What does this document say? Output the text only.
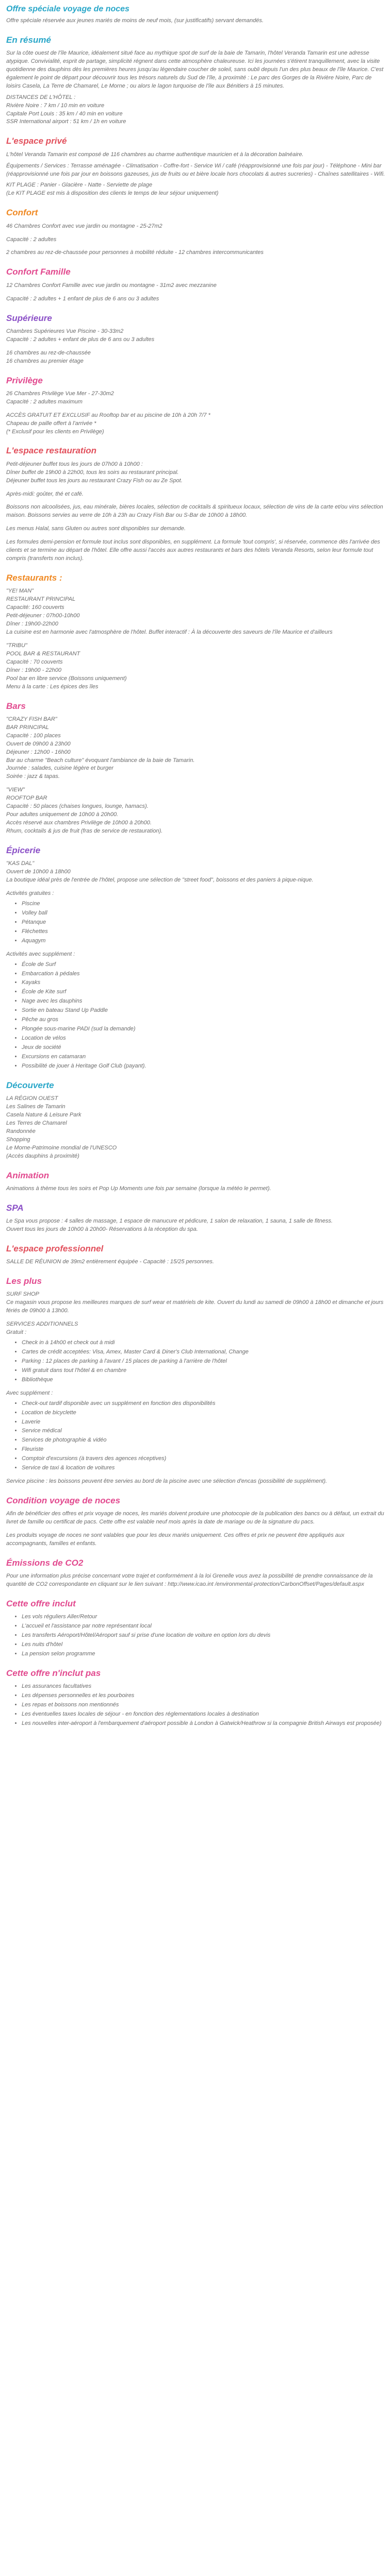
Offre spéciale voyage de noces

Offre spéciale réservée aux jeunes mariés de moins de neuf mois, (sur justificatifs) servant demandés.

En résumé

Sur la côte ouest de l'île Maurice, idéalement situé face au mythique spot de surf de la baie de Tamarin, l'hôtel Veranda Tamarin est une adresse atypique. Convivialité, esprit de partage, simplicité régnent dans cette atmosphère chaleureuse. Ici les journées s'étirent tranquillement, avec la visite quotidienne des dauphins dès les premières heures jusqu'au légendaire coucher de soleil, sans oubli depuis l'un des plus beaux de l'île Maurice. C'est également le point de départ pour découvrir tous les trésors naturels du Sud de l'île, à proximité : Le parc des Gorges de la Rivière Noire, Parc de loisirs Casela, La Terre de Chamarel, Le Morne ; ou alors le lagon turquoise de l'île aux Bénitiers à 15 minutes.

DISTANCES DE L'HÔTEL :

Rivière Noire : 7 km / 10 min en voiture

Capitale Port Louis : 35 km / 40 min en voiture

SSR International airport : 51 km / 1h en voiture

L'espace privé

L'hôtel Veranda Tamarin est composé de 116 chambres au charme authentique mauricien et à la décoration balnéaire.

Équipements / Services : Terrasse aménagée - Climatisation - Coffre-fort - Service Wi / café (réapprovisionné une fois par jour) - Téléphone - Mini bar (réapprovisionné une fois par jour en boissons gazeuses, jus de fruits ou et bière locale hors chocolats & autres sucreries) - Chaînes satellitaires - Wifi.

KIT PLAGE : Panier - Glacière - Natte - Serviette de plage

(Le KIT PLAGE est mis à disposition des clients le temps de leur séjour uniquement)

Confort

46 Chambres Confort avec vue jardin ou montagne - 25-27m2

Capacité : 2 adultes

2 chambres au rez-de-chaussée pour personnes à mobilité réduite - 12 chambres intercommunicantes

Confort Famille

12 Chambres Confort Famille avec vue jardin ou montagne - 31m2 avec mezzanine

Capacité : 2 adultes + 1 enfant de plus de 6 ans ou 3 adultes

Supérieure

Chambres Supérieures Vue Piscine - 30-33m2

Capacité : 2 adultes + enfant de plus de 6 ans ou 3 adultes

16 chambres au rez-de-chaussée

16 chambres au premier étage

Privilège

26 Chambres Privilège Vue Mer - 27-30m2

Capacité : 2 adultes maximum

ACCÈS GRATUIT ET EXCLUSIF au Rooftop bar et au piscine de 10h à 20h 7/7 *

Chapeau de paille offert à l'arrivée *

(* Exclusif pour les clients en Privilège)

L'espace restauration

Petit-déjeuner buffet tous les jours de 07h00 à 10h00 :

Dîner buffet de 19h00 à 22h00, tous les soirs au restaurant principal.

Déjeuner buffet tous les jours au restaurant Crazy Fish ou au Ze Spot.

Après-midi: goûter, thé et café.

Boissons non alcoolisées, jus, eau minérale, bières locales, sélection de cocktails & spiritueux locaux, sélection de vins de la carte et/ou vins sélection maison. Boissons servies au verre de 10h à 23h au Crazy Fish Bar ou S-Bar de 10h00 à 18h00.

Les menus Halal, sans Gluten ou autres sont disponibles sur demande.

Les formules demi-pension et formule tout inclus sont disponibles, en supplément. La formule 'tout compris', si réservée, commence dès l'arrivée des clients et se termine au départ de l'hôtel. Elle offre aussi l'accès aux autres restaurants et bars des hôtels Veranda Resorts, selon leur formule tout compris (transferts non inclus).

Restaurants :

"YE! MAN"

RESTAURANT PRINCIPAL

Capacité: 160 couverts

Petit-déjeuner : 07h00-10h00

Dîner : 19h00-22h00

La cuisine est en harmonie avec l'atmosphère de l'hôtel. Buffet interactif : À la découverte des saveurs de l'île Maurice et d'ailleurs

"TRIBU"

POOL BAR & RESTAURANT

Capacité : 70 couverts

Dîner : 19h00 - 22h00

Pool bar en libre service (Boissons uniquement)

Menu à la carte : Les épices des îles

Bars

"CRAZY FISH BAR"

BAR PRINCIPAL

Capacité : 100 places

Ouvert de 09h00 à 23h00

Déjeuner : 12h00 - 16h00

Bar au charme "Beach culture" évoquant l'ambiance de la baie de Tamarin.

Journée : salades, cuisine légère et burger

Soirée : jazz & tapas.

"VIEW"

ROOFTOP BAR

Capacité : 50 places (chaises longues, lounge, hamacs).

Pour adultes uniquement de 10h00 à 20h00.

Accès réservé aux chambres Privilège de 10h00 à 20h00.

Rhum, cocktails & jus de fruit (fras de service de restauration).

Épicerie

"KAS DAL"

Ouvert de 10h00 à 18h00

La boutique idéal près de l'entrée de l'hôtel, propose une sélection de "street food", boissons et des paniers à pique-nique.

Activités gratuites :

• Piscine
• Volley ball
• Pétanque
• Fléchettes
• Aquagym

Activités avec supplément :

• École de Surf
• Embarcation à pédales
• Kayaks
• École de Kite surf
• Nage avec les dauphins
• Sortie en bateau Stand Up Paddle
• Pêche au gros
• Plongée sous-marine PADI (sud la demande)
• Location de vélos
• Jeux de société
• Excursions en catamaran
• Possibilité de jouer à Heritage Golf Club (payant).
Découverte

LA RÉGION OUEST

Les Salines de Tamarin

Casela Nature & Leisure Park

Les Terres de Chamarel

Randonnée

Shopping

Le Morne-Patrimoine mondial de l'UNESCO

(Accès dauphins à proximité)

Animation

Animations à thème tous les soirs et Pop Up Moments une fois par semaine (lorsque la météo le permet).

SPA

Le Spa vous propose : 4 salles de massage, 1 espace de manucure et pédicure, 1 salon de relaxation, 1 sauna, 1 salle de fitness.

Ouvert tous les jours de 10h00 à 20h00- Réservations à la réception du spa.

L'espace professionnel

SALLE DE RÉUNION de 39m2 entièrement équipée - Capacité : 15/25 personnes.

Les plus

SURF SHOP

Ce magasin vous propose les meilleures marques de surf wear et matériels de kite. Ouvert du lundi au samedi de 09h00 à 18h00 et dimanche et jours fériés de 09h00 à 13h00.

SERVICES ADDITIONNELS

Gratuit :

• Check in à 14h00 et check out à midi
• Cartes de crédit acceptées: Visa, Amex, Master Card & Diner's Club International, Change
• Parking : 12 places de parking à l'avant / 15 places de parking à l'arrière de l'hôtel
• Wifi gratuit dans tout l'hôtel & en chambre
• Bibliothèque

Avec supplément :

• Check-out tardif disponible avec un supplément en fonction des disponibilités
• Location de bicyclette
• Laverie
• Service médical
• Services de photographie & vidéo
• Fleuriste
• Comptoir d'excursions (à travers des agences réceptives)
• Service de taxi & location de voitures

Service piscine : les boissons peuvent être servies au bord de la piscine avec une sélection d'encas (possibilité de supplément).

Condition voyage de noces

Afin de bénéficier des offres et prix voyage de noces, les mariés doivent produire une photocopie de la publication des bancs ou à défaut, un extrait du livret de famille ou certificat de pacs. Cette offre est valable neuf mois après la date de mariage ou de la signature du pacs.

Les produits voyage de noces ne sont valables que pour les deux mariés uniquement. Ces offres et prix ne peuvent être appliqués aux accompagnants, familles et enfants.

Émissions de CO2

Pour une information plus précise concernant votre trajet et conformément à la loi Grenelle vous avez la possibilité de prendre connaissance de la quantité de CO2 correspondante en cliquant sur le lien suivant : http://www.icao.int /environmental-protection/CarbonOffset/Pages/default.aspx

Cette offre inclut
• Les vols réguliers Aller/Retour
• L'accueil et l'assistance par notre représentant local
• Les transferts Aéroport/Hôtel/Aéroport sauf si prise d'une location de voiture en option lors du devis
• Les nuits d'hôtel
• La pension selon programme
Cette offre n'inclut pas
• Les assurances facultatives
• Les dépenses personnelles et les pourboires
• Les repas et boissons non mentionnés
• Les éventuelles taxes locales de séjour - en fonction des réglementations locales à destination
• Les nouvelles inter-aéroport à l'embarquement d'aéroport possible à London à Gatwick/Heathrow si la compagnie British Airways est proposée)
